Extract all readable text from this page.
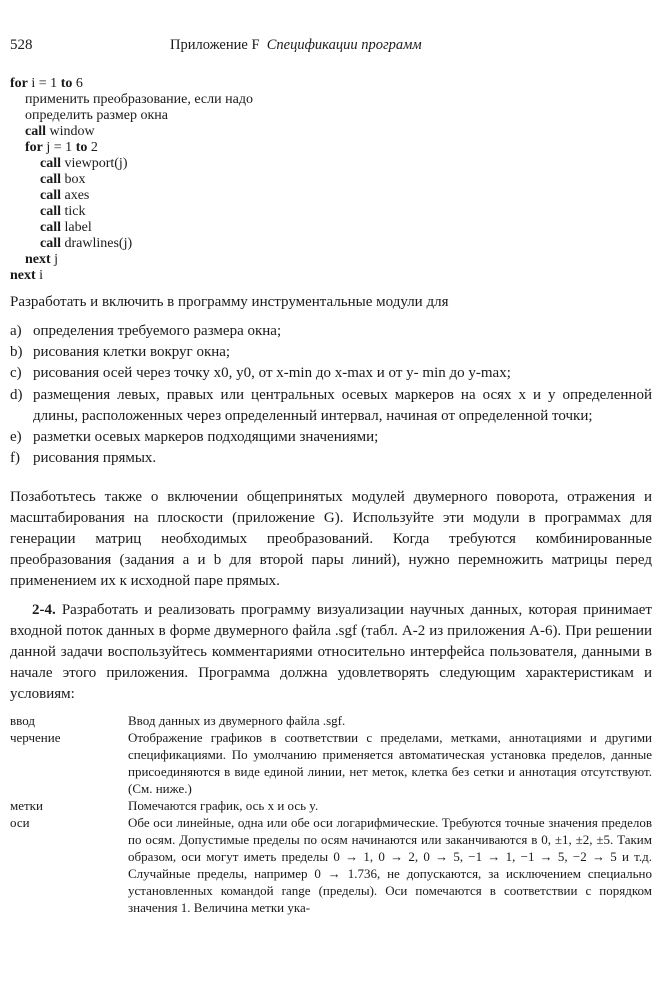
528	Приложение F Спецификации программ
for i = 1 to 6
применить преобразование, если надо
определить размер окна
call window
for j = 1 to 2
call viewport(j)
call box
call axes
call tick
call label
call drawlines(j)
next j
next i
Разработать и включить в программу инструментальные модули для
a) определения требуемого размера окна;
b) рисования клетки вокруг окна;
c) рисования осей через точку x0, y0, от x-min до x-max и от y- min до y-max;
d) размещения левых, правых или центральных осевых маркеров на осях x и y определенной длины, расположенных через определенный интервал, начиная от определенной точки;
e) разметки осевых маркеров подходящими значениями;
f) рисования прямых.
Позаботьтесь также о включении общепринятых модулей двумерного поворота, отражения и масштабирования на плоскости (приложение G). Используйте эти модули в программах для генерации матриц необходимых преобразований. Когда требуются комбинированные преобразования (задания a и b для второй пары линий), нужно перемножить матрицы перед применением их к исходной паре прямых.
2-4. Разработать и реализовать программу визуализации научных данных, которая принимает входной поток данных в форме двумерного файла .sgf (табл. А-2 из приложения А-6). При решении данной задачи воспользуйтесь комментариями относительно интерфейса пользователя, данными в начале этого приложения. Программа должна удовлетворять следующим характеристикам и условиям:
ввод	Ввод данных из двумерного файла .sgf.
черчение	Отображение графиков в соответствии с пределами, метками, аннотациями и другими спецификациями. По умолчанию применяется автоматическая установка пределов, данные присоединяются в виде единой линии, нет меток, клетка без сетки и аннотация отсутствуют. (См. ниже.)
метки	Помечаются график, ось x и ось y.
оси	Обе оси линейные, одна или обе оси логарифмические. Требуются точные значения пределов по осям. Допустимые пределы по осям начинаются или заканчиваются в 0, ±1, ±2, ±5. Таким образом, оси могут иметь пределы 0 → 1, 0 → 2, 0 → 5, −1 → 1, −1 → 5, −2 → 5 и т.д. Случайные пределы, например 0 → 1.736, не допускаются, за исключением специально установленных командой range (пределы). Оси помечаются в соответствии с порядком значения 1. Величина метки ука-
